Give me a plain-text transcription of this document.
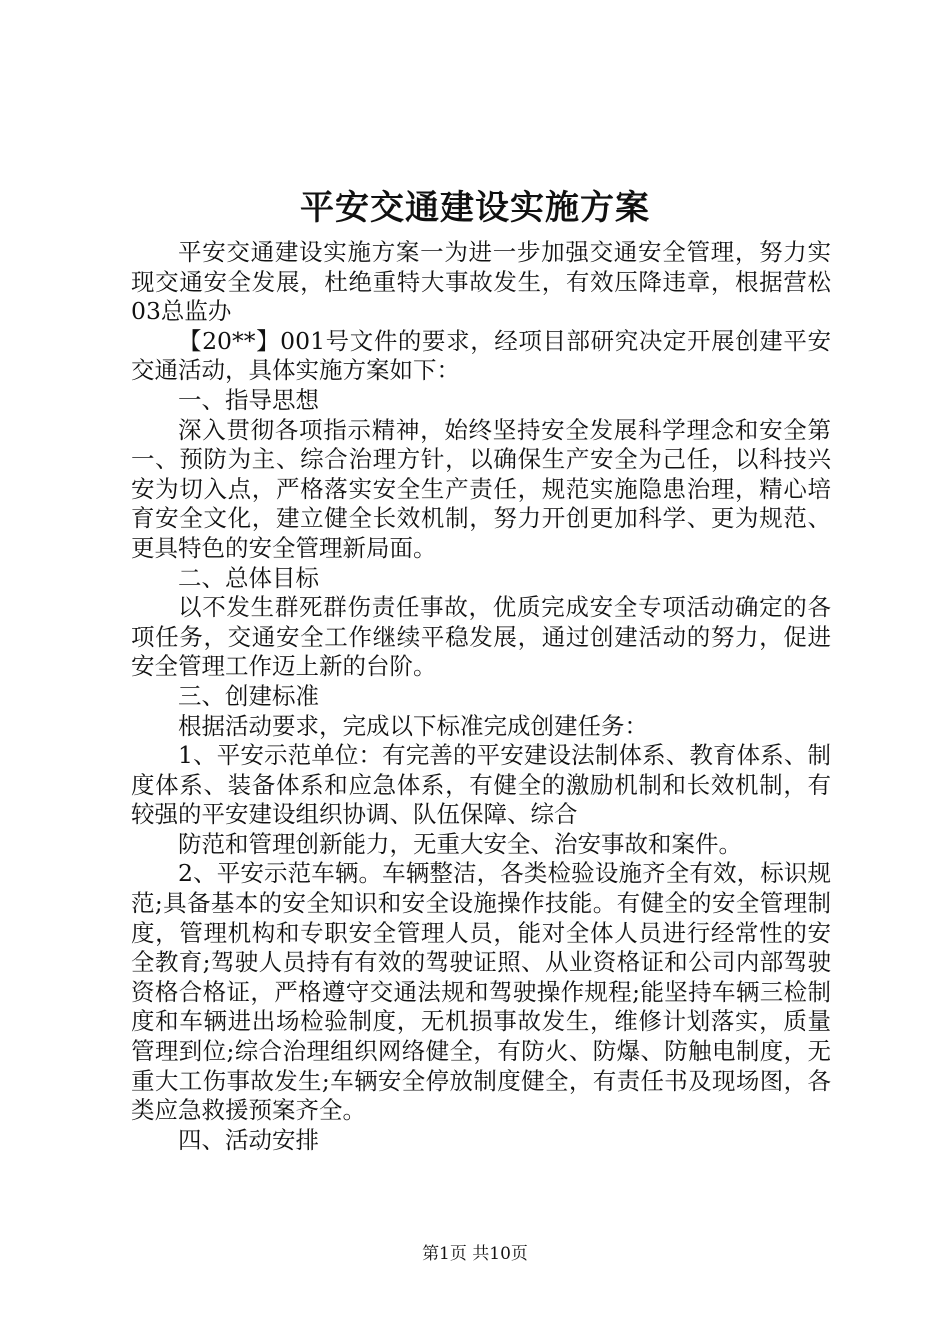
平安交通建设实施方案

平安交通建设实施方案一为进一步加强交通安全管理，努力实现交通安全发展，杜绝重特大事故发生，有效压降违章，根据营松03总监办

【20**】001号文件的要求，经项目部研究决定开展创建平安交通活动，具体实施方案如下：

一、指导思想

深入贯彻各项指示精神，始终坚持安全发展科学理念和安全第一、预防为主、综合治理方针，以确保生产安全为己任，以科技兴安为切入点，严格落实安全生产责任，规范实施隐患治理，精心培育安全文化，建立健全长效机制，努力开创更加科学、更为规范、更具特色的安全管理新局面。

二、总体目标

以不发生群死群伤责任事故，优质完成安全专项活动确定的各项任务，交通安全工作继续平稳发展，通过创建活动的努力，促进安全管理工作迈上新的台阶。

三、创建标准

根据活动要求，完成以下标准完成创建任务：

1、平安示范单位：有完善的平安建设法制体系、教育体系、制度体系、装备体系和应急体系，有健全的激励机制和长效机制，有较强的平安建设组织协调、队伍保障、综合

防范和管理创新能力，无重大安全、治安事故和案件。

2、平安示范车辆。车辆整洁，各类检验设施齐全有效，标识规范;具备基本的安全知识和安全设施操作技能。有健全的安全管理制度，管理机构和专职安全管理人员，能对全体人员进行经常性的安全教育;驾驶人员持有有效的驾驶证照、从业资格证和公司内部驾驶资格合格证，严格遵守交通法规和驾驶操作规程;能坚持车辆三检制度和车辆进出场检验制度，无机损事故发生，维修计划落实，质量管理到位;综合治理组织网络健全，有防火、防爆、防触电制度，无重大工伤事故发生;车辆安全停放制度健全，有责任书及现场图，各类应急救援预案齐全。

四、活动安排

第1页 共10页
